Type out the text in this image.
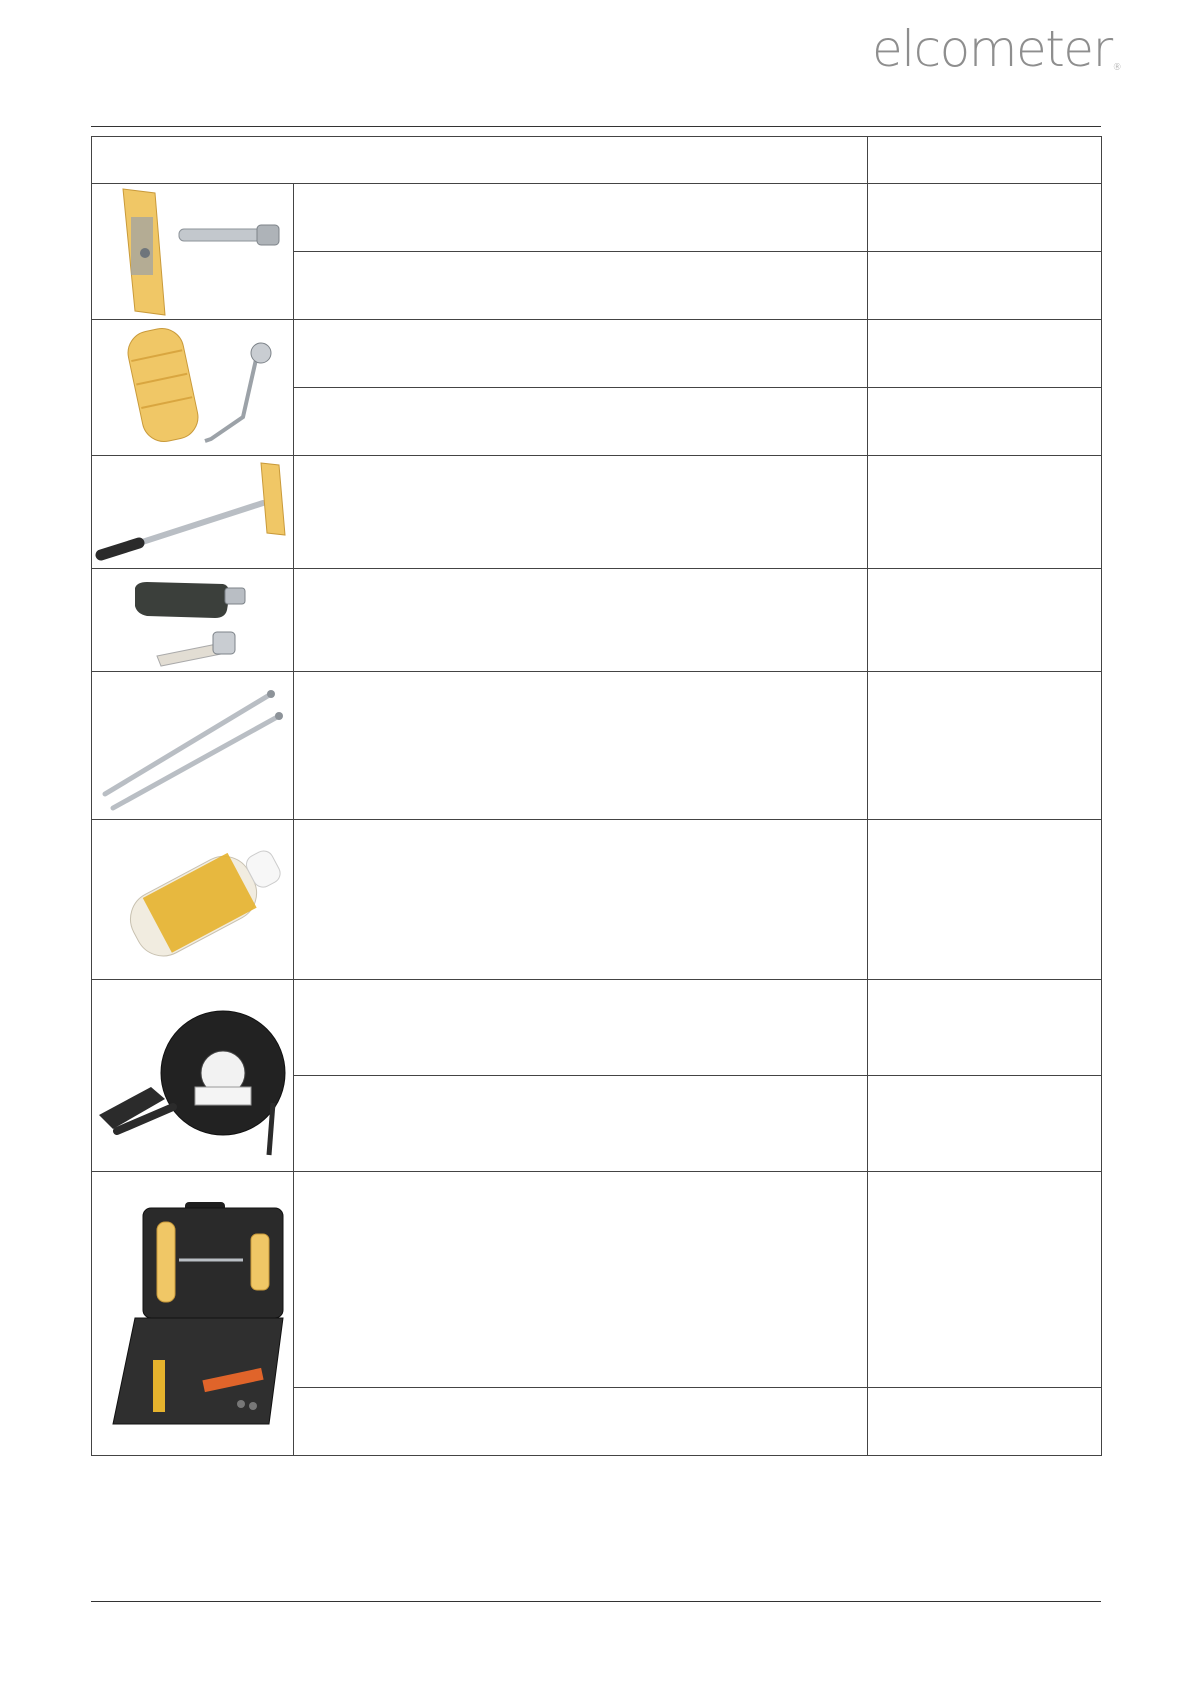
elcometer®
